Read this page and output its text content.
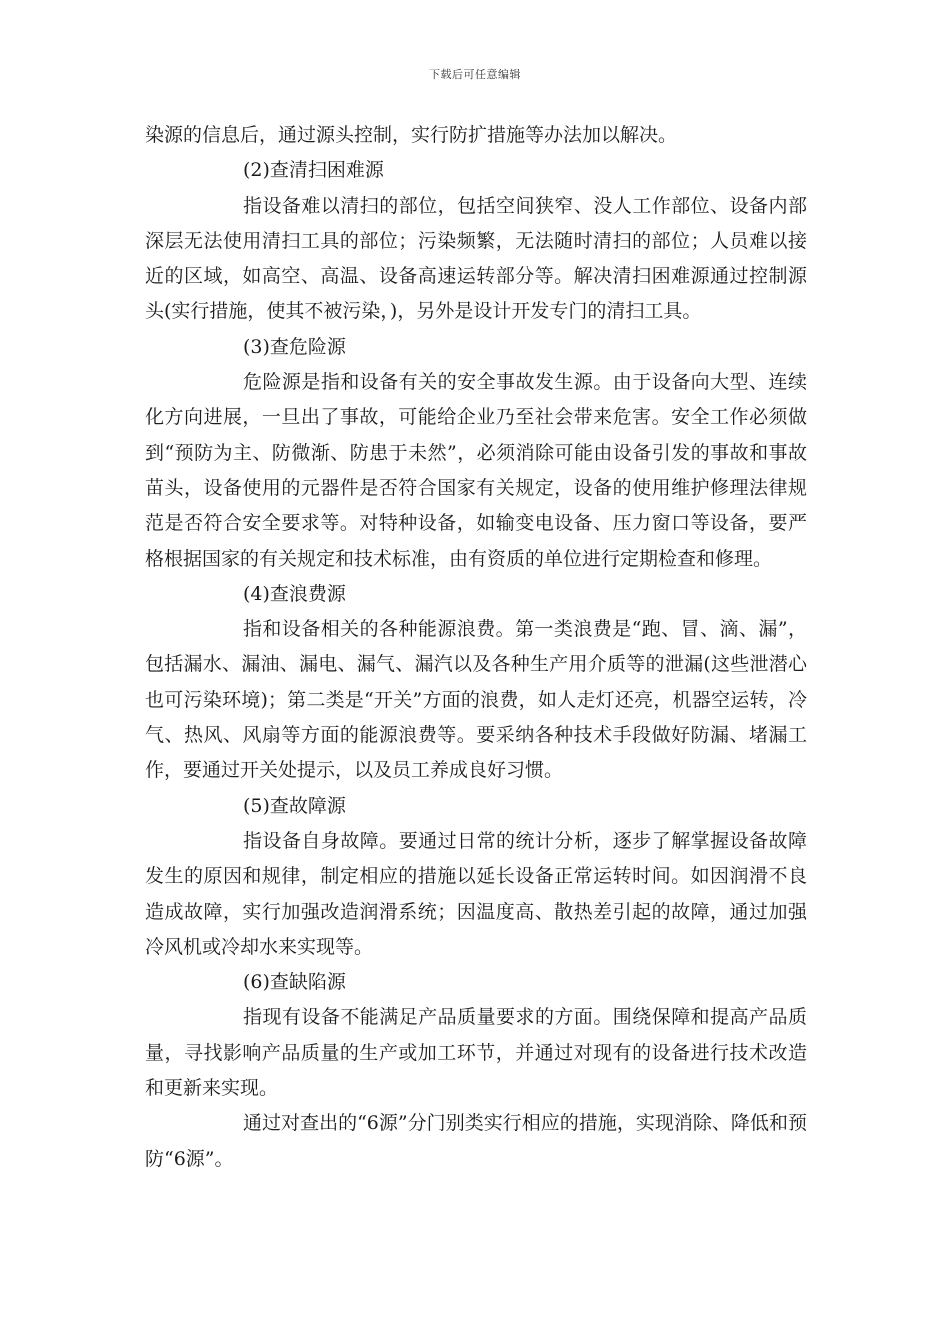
下载后可任意编辑

染源的信息后，通过源头控制，实行防扩措施等办法加以解决。

(2)查清扫困难源

指设备难以清扫的部位，包括空间狭窄、没人工作部位、设备内部深层无法使用清扫工具的部位；污染频繁，无法随时清扫的部位；人员难以接近的区域，如高空、高温、设备高速运转部分等。解决清扫困难源通过控制源头(实行措施，使其不被污染，)，另外是设计开发专门的清扫工具。

(3)查危险源

危险源是指和设备有关的安全事故发生源。由于设备向大型、连续化方向进展，一旦出了事故，可能给企业乃至社会带来危害。安全工作必须做到“预防为主、防微渐、防患于未然”，必须消除可能由设备引发的事故和事故苗头，设备使用的元器件是否符合国家有关规定，设备的使用维护修理法律规范是否符合安全要求等。对特种设备，如输变电设备、压力窗口等设备，要严格根据国家的有关规定和技术标准，由有资质的单位进行定期检查和修理。

(4)查浪费源

指和设备相关的各种能源浪费。第一类浪费是“跑、冒、滴、漏”，包括漏水、漏油、漏电、漏气、漏汽以及各种生产用介质等的泄漏(这些泄潜心也可污染环境)；第二类是“开关”方面的浪费，如人走灯还亮，机器空运转，冷气、热风、风扇等方面的能源浪费等。要采纳各种技术手段做好防漏、堵漏工作，要通过开关处提示，以及员工养成良好习惯。

(5)查故障源

指设备自身故障。要通过日常的统计分析，逐步了解掌握设备故障发生的原因和规律，制定相应的措施以延长设备正常运转时间。如因润滑不良造成故障，实行加强改造润滑系统；因温度高、散热差引起的故障，通过加强冷风机或冷却水来实现等。

(6)查缺陷源

指现有设备不能满足产品质量要求的方面。围绕保障和提高产品质量，寻找影响产品质量的生产或加工环节，并通过对现有的设备进行技术改造和更新来实现。

通过对查出的“6源”分门别类实行相应的措施，实现消除、降低和预防“6源”。
